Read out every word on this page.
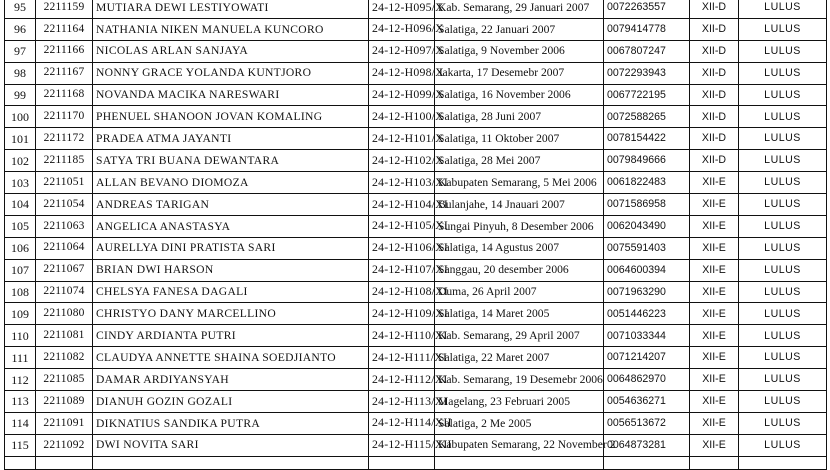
95	2211159	MUTIARA DEWI LESTIYOWATI	24-12-H095/X	Kab. Semarang, 29 Januari 2007	0072263557	XII-D	LULUS
96	2211164	NATHANIA NIKEN MANUELA KUNCORO	24-12-H096/X	Salatiga, 22 Januari 2007	0079414778	XII-D	LULUS
97	2211166	NICOLAS ARLAN SANJAYA	24-12-H097/X	Salatiga, 9 November 2006	0067807247	XII-D	LULUS
98	2211167	NONNY GRACE YOLANDA KUNTJORO	24-12-H098/X	Jakarta, 17 Desemebr 2007	0072293943	XII-D	LULUS
99	2211168	NOVANDA MACIKA NARESWARI	24-12-H099/X	Salatiga, 16 November 2006	0067722195	XII-D	LULUS
100	2211170	PHENUEL SHANOON JOVAN KOMALING	24-12-H100/X	Salatiga, 28 Juni 2007	0072588265	XII-D	LULUS
101	2211172	PRADEA ATMA JAYANTI	24-12-H101/X	Salatiga, 11 Oktober 2007	0078154422	XII-D	LULUS
102	2211185	SATYA TRI BUANA DEWANTARA	24-12-H102/X	Salatiga, 28 Mei 2007	0079849666	XII-D	LULUS
103	2211051	ALLAN BEVANO DIOMOZA	24-12-H103/XI	Kabupaten Semarang, 5 Mei 2006	0061822483	XII-E	LULUS
104	2211054	ANDREAS TARIGAN	24-12-H104/XI	Bulanjahe, 14 Jnauari 2007	0071586958	XII-E	LULUS
105	2211063	ANGELICA ANASTASYA	24-12-H105/XI	Sungai Pinyuh, 8 Desember 2006	0062043490	XII-E	LULUS
106	2211064	AURELLYA DINI PRATISTA SARI	24-12-H106/XI	Salatiga, 14 Agustus 2007	0075591403	XII-E	LULUS
107	2211067	BRIAN DWI HARSON	24-12-H107/XI	Sanggau, 20 desember 2006	0064600394	XII-E	LULUS
108	2211074	CHELSYA FANESA DAGALI	24-12-H108/XI	Duma, 26 April 2007	0071963290	XII-E	LULUS
109	2211080	CHRISTYO DANY MARCELLINO	24-12-H109/XI	Salatiga, 14 Maret 2005	0051446223	XII-E	LULUS
110	2211081	CINDY ARDIANTA PUTRI	24-12-H110/XI	Kab. Semarang, 29 April 2007	0071033344	XII-E	LULUS
111	2211082	CLAUDYA ANNETTE SHAINA SOEDJIANTO	24-12-H111/XI	Salatiga, 22 Maret 2007	0071214207	XII-E	LULUS
112	2211085	DAMAR ARDIYANSYAH	24-12-H112/XI	Kab. Semarang, 19 Desemebr 2006	0064862970	XII-E	LULUS
113	2211089	DIANUH GOZIN GOZALI	24-12-H113/XI	Magelang, 23 Februari 2005	0054636271	XII-E	LULUS
114	2211091	DIKNATIUS SANDIKA PUTRA	24-12-H114/XII	Salatiga, 2 Me 2005	0056513672	XII-E	LULUS
115	2211092	DWI NOVITA SARI	24-12-H115/XII	Kabupaten Semarang, 22 November 2	0064873281	XII-E	LULUS
